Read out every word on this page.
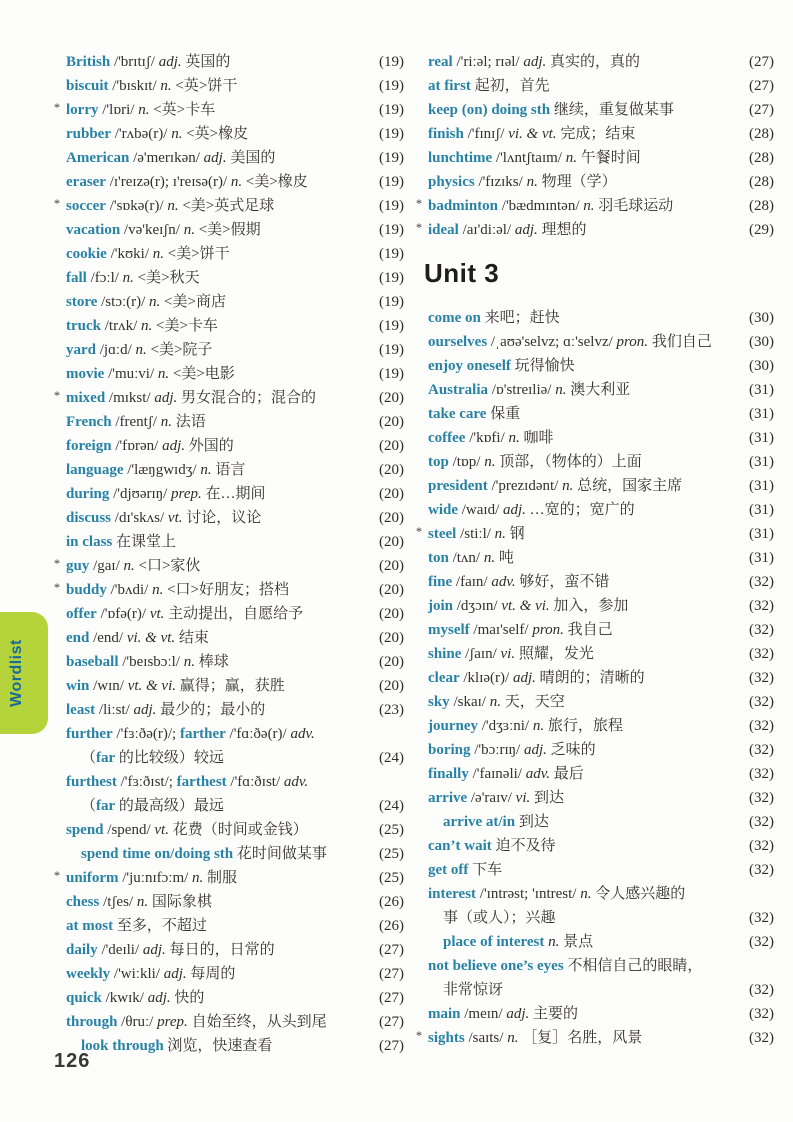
British /'brɪtɪʃ/ adj. 英国的	(19)
biscuit /'bɪskɪt/ n. <英>饼干	(19)
* lorry /'lɒri/ n. <英>卡车	(19)
rubber /'rʌbə(r)/ n. <英>橡皮	(19)
American /ə'merɪkən/ adj. 美国的	(19)
eraser /ɪ'reɪzə(r); ɪ'reɪsə(r)/ n. <美>橡皮	(19)
* soccer /'sɒkə(r)/ n. <美>英式足球	(19)
vacation /və'keɪʃn/ n. <美>假期	(19)
cookie /'kʊki/ n. <美>饼干	(19)
fall /fɔːl/ n. <美>秋天	(19)
store /stɔː(r)/ n. <美>商店	(19)
truck /trʌk/ n. <美>卡车	(19)
yard /jɑːd/ n. <美>院子	(19)
movie /'muːvi/ n. <美>电影	(19)
* mixed /mɪkst/ adj. 男女混合的；混合的	(20)
French /frentʃ/ n. 法语	(20)
foreign /'fɒrən/ adj. 外国的	(20)
language /'læŋgwɪdʒ/ n. 语言	(20)
during /'djʊərɪŋ/ prep. 在…期间	(20)
discuss /dɪ'skʌs/ vt. 讨论，议论	(20)
in class 在课堂上	(20)
* guy /gaɪ/ n. <口>家伙	(20)
* buddy /'bʌdi/ n. <口>好朋友；搭档	(20)
offer /'ɒfə(r)/ vt. 主动提出，自愿给予	(20)
end /end/ vi. & vt. 结束	(20)
baseball /'beɪsbɔːl/ n. 棒球	(20)
win /wɪn/ vt. & vi. 赢得；赢，获胜	(20)
least /liːst/ adj. 最少的；最小的	(23)
further /'fɜːðə(r)/; farther /'fɑːðə(r)/ adv.
（far 的比较级）较远	(24)
furthest /'fɜːðɪst/; farthest /'fɑːðɪst/ adv.
（far 的最高级）最远	(24)
spend /spend/ vt. 花费（时间或金钱）	(25)
spend time on/doing sth 花时间做某事	(25)
* uniform /'juːnɪfɔːm/ n. 制服	(25)
chess /tʃes/ n. 国际象棋	(26)
at most 至多，不超过	(26)
daily /'deɪli/ adj. 每日的，日常的	(27)
weekly /'wiːkli/ adj. 每周的	(27)
quick /kwɪk/ adj. 快的	(27)
through /θruː/ prep. 自始至终，从头到尾	(27)
look through 浏览，快速查看	(27)
real /'riːəl; rɪəl/ adj. 真实的，真的	(27)
at first 起初，首先	(27)
keep (on) doing sth 继续，重复做某事	(27)
finish /'fɪnɪʃ/ vi. & vt. 完成；结束	(28)
lunchtime /'lʌntʃtaɪm/ n. 午餐时间	(28)
physics /'fɪzɪks/ n. 物理（学）	(28)
* badminton /'bædmɪntən/ n. 羽毛球运动	(28)
* ideal /aɪ'diːəl/ adj. 理想的	(29)
Unit 3
come on 来吧；赶快	(30)
ourselves /ˌaʊə'selvz; ɑː'selvz/ pron. 我们自己	(30)
enjoy oneself 玩得愉快	(30)
Australia /ɒ'streɪliə/ n. 澳大利亚	(31)
take care 保重	(31)
coffee /'kɒfi/ n. 咖啡	(31)
top /tɒp/ n. 顶部，（物体的）上面	(31)
president /'prezɪdənt/ n. 总统，国家主席	(31)
wide /waɪd/ adj. …宽的；宽广的	(31)
* steel /stiːl/ n. 钢	(31)
ton /tʌn/ n. 吨	(31)
fine /faɪn/ adv. 够好，蛮不错	(32)
join /dʒɔɪn/ vt. & vi. 加入，参加	(32)
myself /maɪ'self/ pron. 我自己	(32)
shine /ʃaɪn/ vi. 照耀，发光	(32)
clear /klɪə(r)/ adj. 晴朗的；清晰的	(32)
sky /skaɪ/ n. 天，天空	(32)
journey /'dʒɜːni/ n. 旅行，旅程	(32)
boring /'bɔːrɪŋ/ adj. 乏味的	(32)
finally /'faɪnəli/ adv. 最后	(32)
arrive /ə'raɪv/ vi. 到达	(32)
arrive at/in 到达	(32)
can’t wait 迫不及待	(32)
get off 下车	(32)
interest /'ɪntrəst; 'ɪntrest/ n. 令人感兴趣的
事（或人）；兴趣	(32)
place of interest n. 景点	(32)
not believe one’s eyes 不相信自己的眼睛，
非常惊讶	(32)
main /meɪn/ adj. 主要的	(32)
* sights /saɪts/ n. ［复］名胜，风景	(32)
126
Wordlist
